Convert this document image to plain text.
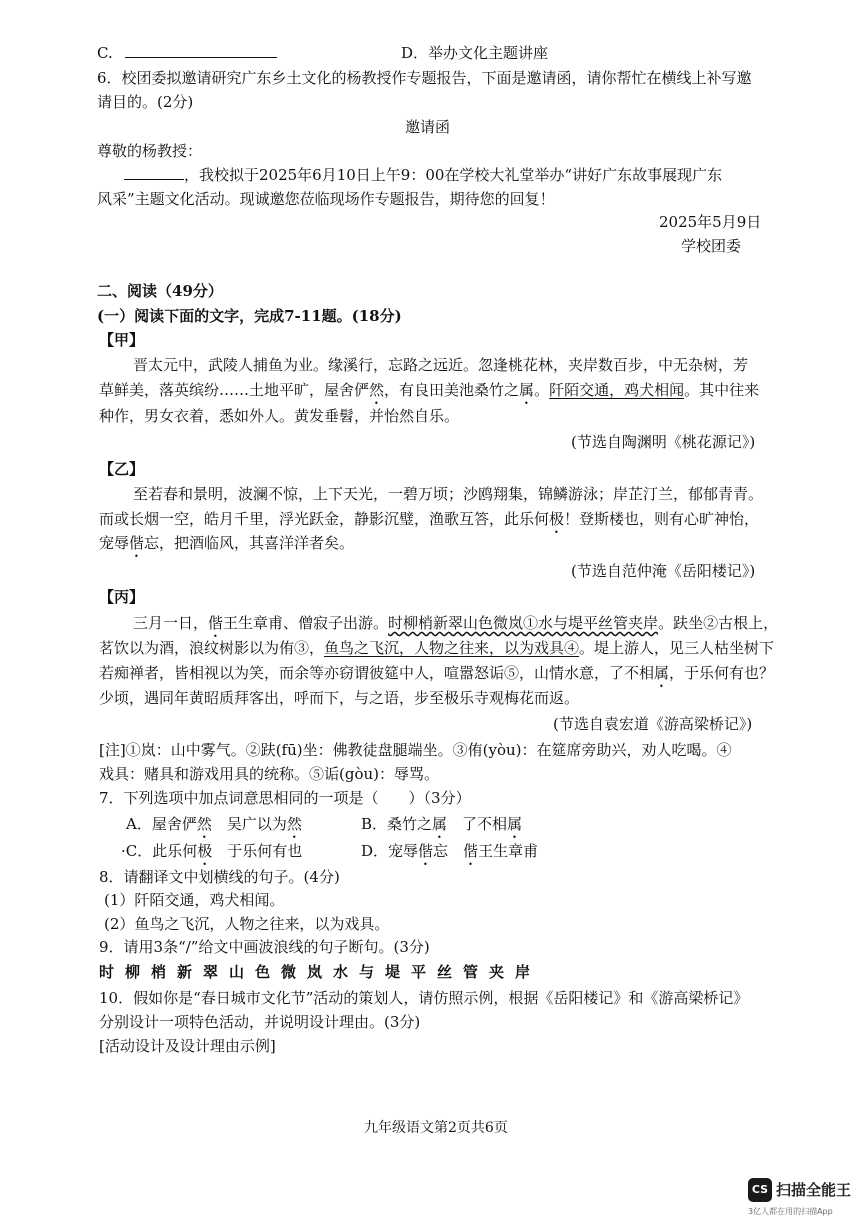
C.	D．举办文化主题讲座
6．校团委拟邀请研究广东乡土文化的杨教授作专题报告，下面是邀请函，请你帮忙在横线上补写邀
请目的。(2分)
邀请函
尊敬的杨教授：
，我校拟于2025年6月10日上午9：00在学校大礼堂举办“讲好广东故事展现广东
风采”主题文化活动。现诚邀您莅临现场作专题报告，期待您的回复！
2025年5月9日
学校团委
二、阅读（49分）
(一）阅读下面的文字，完成7-11题。(18分)
【甲】
晋太元中，武陵人捕鱼为业。缘溪行，忘路之远近。忽逢桃花林，夹岸数百步，中无杂树，芳
草鲜美，落英缤纷……土地平旷，屋舍俨然，有良田美池桑竹之属。阡陌交通，鸡犬相闻。其中往来
种作，男女衣着，悉如外人。黄发垂髫，并怡然自乐。
(节选自陶渊明《桃花源记》)
【乙】
至若春和景明，波澜不惊，上下天光，一碧万顷；沙鸥翔集，锦鳞游泳；岸芷汀兰，郁郁青青。
而或长烟一空，皓月千里，浮光跃金，静影沉璧，渔歌互答，此乐何极！登斯楼也，则有心旷神怡，
宠辱偕忘，把酒临风，其喜洋洋者矣。
(节选自范仲淹《岳阳楼记》)
【丙】
三月一日，偕王生章甫、僧寂子出游。时柳梢新翠山色微岚①水与堤平丝管夹岸。趺坐②古根上，
茗饮以为酒，浪纹树影以为侑③，鱼鸟之飞沉，人物之往来，以为戏具④。堤上游人，见三人枯坐树下
若痴禅者，皆相视以为笑，而余等亦窃谓彼筵中人，喧嚣怒诟⑤，山情水意，了不相属，于乐何有也？
少顷，遇同年黄昭质拜客出，呼而下，与之语，步至极乐寺观梅花而返。
(节选自袁宏道《游高梁桥记》)
[注]①岚：山中雾气。②趺(fū)坐：佛教徒盘腿端坐。③侑(yòu)：在筵席旁助兴，劝人吃喝。④
戏具：赌具和游戏用具的统称。⑤诟(gòu)：辱骂。
7．下列选项中加点词意思相同的一项是（　　）（3分）
A．屋舍俨然　吴广以为然	B．桑竹之属　了不相属
·C．此乐何极　于乐何有也	D．宠辱偕忘　 偕王生章甫
8．请翻译文中划横线的句子。(4分)
(1）阡陌交通，鸡犬相闻。
(2）鱼鸟之飞沉，人物之往来，以为戏具。
9．请用3条“/”给文中画波浪线的句子断句。(3分)
时 柳 梢 新 翠 山 色 微 岚 水 与 堤 平 丝 管 夹 岸
10．假如你是“春日城市文化节”活动的策划人，请仿照示例，根据《岳阳楼记》和《游高梁桥记》
分别设计一项特色活动，并说明设计理由。(3分)
[活动设计及设计理由示例]
九年级语文第2页共6页
CS 扫描全能王
3亿人都在用的扫描App
